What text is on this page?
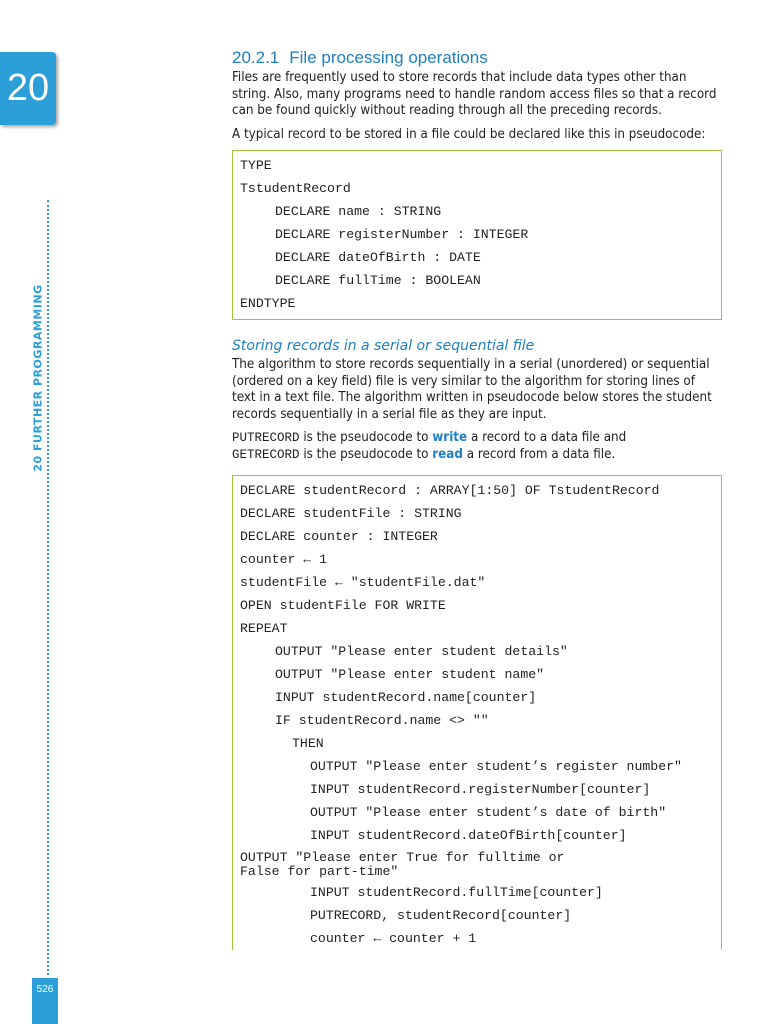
20
20 FURTHER PROGRAMMING
526
20.2.1 File processing operations

Files are frequently used to store records that include data types other than string. Also, many programs need to handle random access files so that a record can be found quickly without reading through all the preceding records.

A typical record to be stored in a file could be declared like this in pseudocode:

TYPE
TstudentRecord
DECLARE name : STRING
DECLARE registerNumber : INTEGER
DECLARE dateOfBirth : DATE
DECLARE fullTime : BOOLEAN
ENDTYPE
Storing records in a serial or sequential file

The algorithm to store records sequentially in a serial (unordered) or sequential (ordered on a key field) file is very similar to the algorithm for storing lines of text in a text file. The algorithm written in pseudocode below stores the student records sequentially in a serial file as they are input.

PUTRECORD is the pseudocode to write a record to a data file and
GETRECORD is the pseudocode to read a record from a data file.

DECLARE studentRecord : ARRAY[1:50] OF TstudentRecord
DECLARE studentFile : STRING
DECLARE counter : INTEGER
counter ← 1
studentFile ← "studentFile.dat"
OPEN studentFile FOR WRITE
REPEAT
OUTPUT "Please enter student details"
OUTPUT "Please enter student name"
INPUT studentRecord.name[counter]
IF studentRecord.name <> ""
THEN
OUTPUT "Please enter student’s register number"
INPUT studentRecord.registerNumber[counter]
OUTPUT "Please enter student’s date of birth"
INPUT studentRecord.dateOfBirth[counter]
OUTPUT "Please enter True for fulltime or
False for part-time"
INPUT studentRecord.fullTime[counter]
PUTRECORD, studentRecord[counter]
counter ← counter + 1
